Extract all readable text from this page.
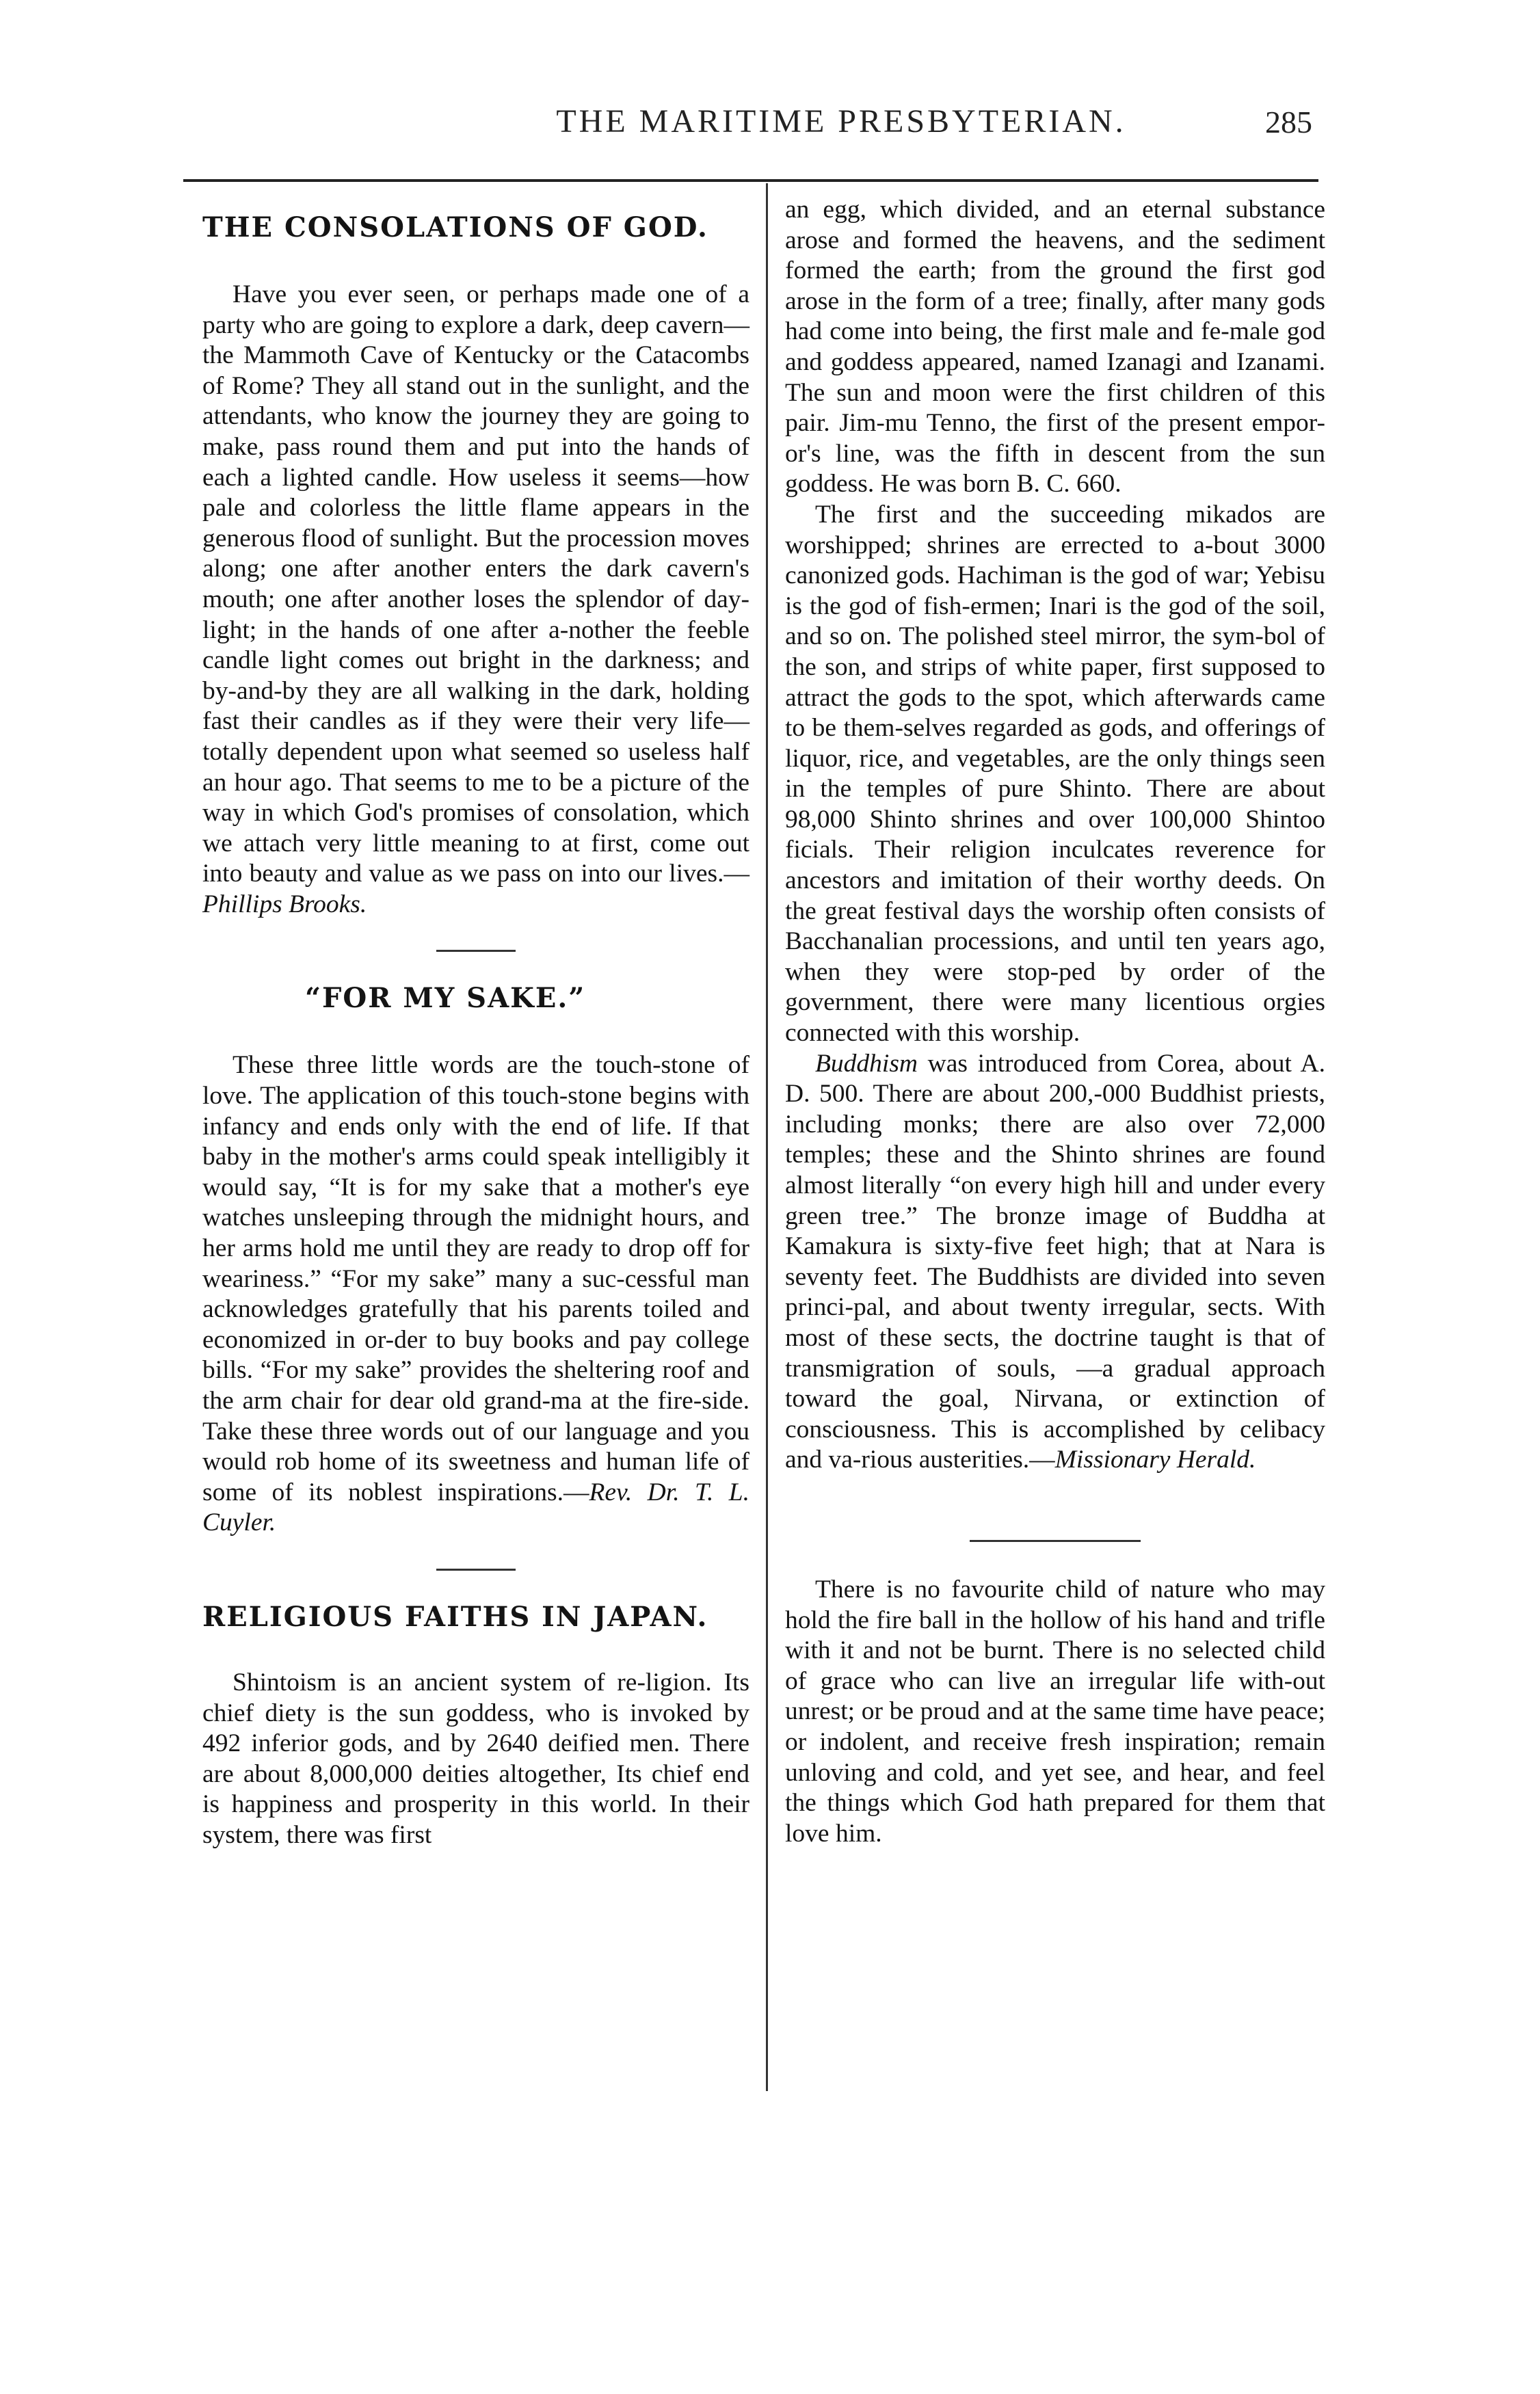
THE MARITIME PRESBYTERIAN.	285
THE CONSOLATIONS OF GOD.

Have you ever seen, or perhaps made one of a party who are going to explore a dark, deep cavern— the Mammoth Cave of Kentucky or the Catacombs of Rome? They all stand out in the sunlight, and the attendants, who know the journey they are going to make, pass round them and put into the hands of each a lighted candle. How useless it seems—how pale and colorless the little flame appears in the generous flood of sunlight. But the procession moves along; one after another enters the dark cavern's mouth; one after another loses the splendor of day-light; in the hands of one after a-nother the feeble candle light comes out bright in the darkness; and by-and-by they are all walking in the dark, holding fast their candles as if they were their very life—totally dependent upon what seemed so useless half an hour ago. That seems to me to be a picture of the way in which God's promises of consolation, which we attach very little meaning to at first, come out into beauty and value as we pass on into our lives.—Phillips Brooks.

“FOR MY SAKE.”

These three little words are the touch-stone of love. The application of this touch-stone begins with infancy and ends only with the end of life. If that baby in the mother's arms could speak intelligibly it would say, “It is for my sake that a mother's eye watches unsleeping through the midnight hours, and her arms hold me until they are ready to drop off for weariness.” “For my sake” many a suc-cessful man acknowledges gratefully that his parents toiled and economized in or-der to buy books and pay college bills. “For my sake” provides the sheltering roof and the arm chair for dear old grand-ma at the fire-side. Take these three words out of our language and you would rob home of its sweetness and human life of some of its noblest inspirations.—Rev. Dr. T. L. Cuyler.

RELIGIOUS FAITHS IN JAPAN.

Shintoism is an ancient system of re-ligion. Its chief diety is the sun goddess, who is invoked by 492 inferior gods, and by 2640 deified men. There are about 8,000,000 deities altogether, Its chief end is happiness and prosperity in this world. In their system, there was first

an egg, which divided, and an eternal substance arose and formed the heavens, and the sediment formed the earth; from the ground the first god arose in the form of a tree; finally, after many gods had come into being, the first male and fe-male god and goddess appeared, named Izanagi and Izanami. The sun and moon were the first children of this pair. Jim-mu Tenno, the first of the present empor-or's line, was the fifth in descent from the sun goddess. He was born B. C. 660.

The first and the succeeding mikados are worshipped; shrines are errected to a-bout 3000 canonized gods. Hachiman is the god of war; Yebisu is the god of fish-ermen; Inari is the god of the soil, and so on. The polished steel mirror, the sym-bol of the son, and strips of white paper, first supposed to attract the gods to the spot, which afterwards came to be them-selves regarded as gods, and offerings of liquor, rice, and vegetables, are the only things seen in the temples of pure Shinto. There are about 98,000 Shinto shrines and over 100,000 Shintoo ficials. Their religion inculcates reverence for ancestors and imitation of their worthy deeds. On the great festival days the worship often consists of Bacchanalian processions, and until ten years ago, when they were stop-ped by order of the government, there were many licentious orgies connected with this worship.

Buddhism was introduced from Corea, about A. D. 500. There are about 200,-000 Buddhist priests, including monks; there are also over 72,000 temples; these and the Shinto shrines are found almost literally “on every high hill and under every green tree.” The bronze image of Buddha at Kamakura is sixty-five feet high; that at Nara is seventy feet. The Buddhists are divided into seven princi-pal, and about twenty irregular, sects. With most of these sects, the doctrine taught is that of transmigration of souls, —a gradual approach toward the goal, Nirvana, or extinction of consciousness. This is accomplished by celibacy and va-rious austerities.—Missionary Herald.

There is no favourite child of nature who may hold the fire ball in the hollow of his hand and trifle with it and not be burnt. There is no selected child of grace who can live an irregular life with-out unrest; or be proud and at the same time have peace; or indolent, and receive fresh inspiration; remain unloving and cold, and yet see, and hear, and feel the things which God hath prepared for them that love him.
